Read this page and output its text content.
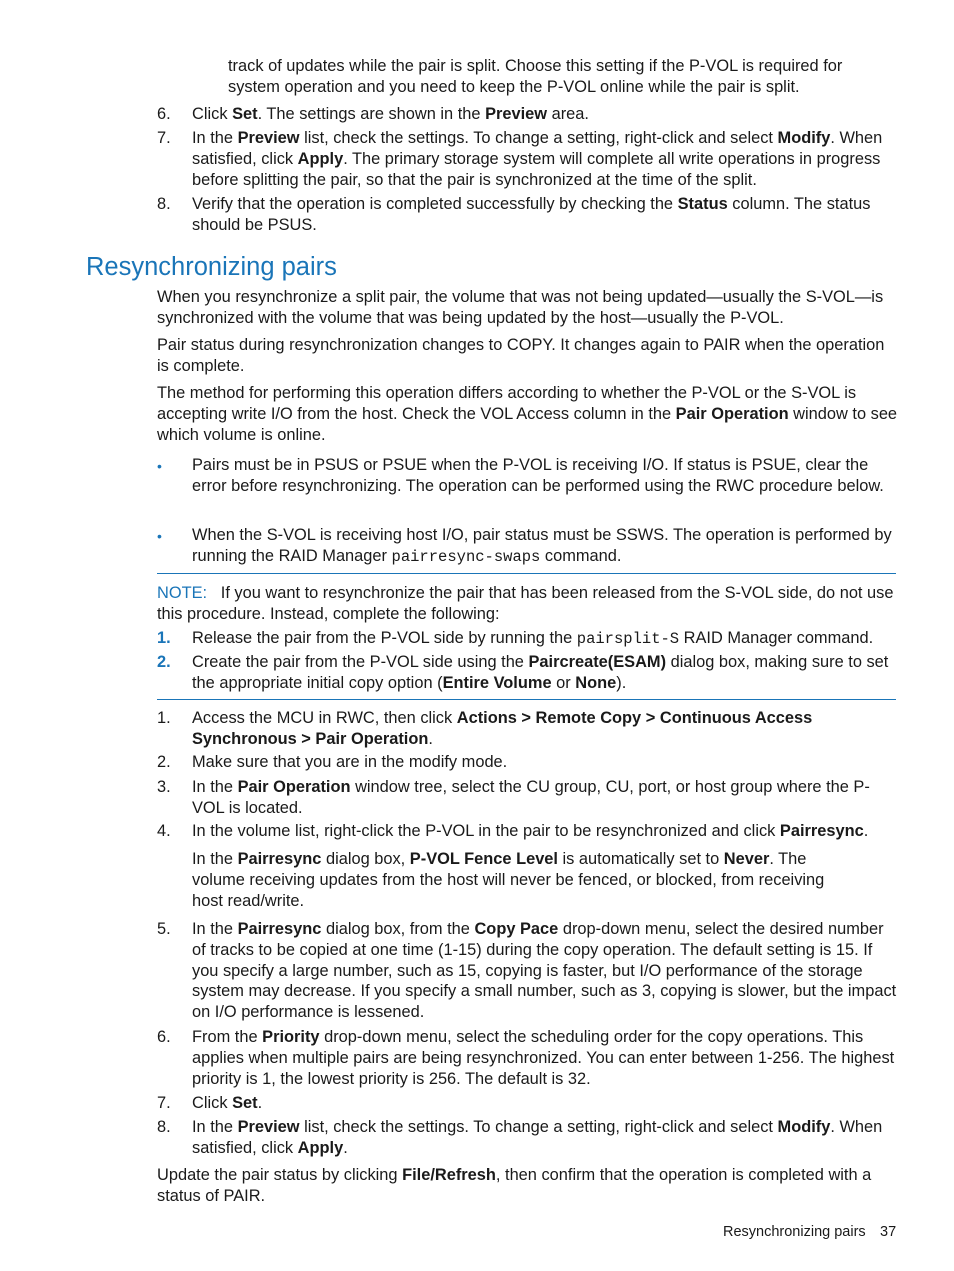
track of updates while the pair is split. Choose this setting if the P-VOL is required for system operation and you need to keep the P-VOL online while the pair is split.
6. Click Set. The settings are shown in the Preview area.
7. In the Preview list, check the settings. To change a setting, right-click and select Modify. When satisfied, click Apply. The primary storage system will complete all write operations in progress before splitting the pair, so that the pair is synchronized at the time of the split.
8. Verify that the operation is completed successfully by checking the Status column. The status should be PSUS.
Resynchronizing pairs
When you resynchronize a split pair, the volume that was not being updated—usually the S-VOL—is synchronized with the volume that was being updated by the host—usually the P-VOL.
Pair status during resynchronization changes to COPY. It changes again to PAIR when the operation is complete.
The method for performing this operation differs according to whether the P-VOL or the S-VOL is accepting write I/O from the host. Check the VOL Access column in the Pair Operation window to see which volume is online.
• Pairs must be in PSUS or PSUE when the P-VOL is receiving I/O. If status is PSUE, clear the error before resynchronizing. The operation can be performed using the RWC procedure below.
• When the S-VOL is receiving host I/O, pair status must be SSWS. The operation is performed by running the RAID Manager pairresync-swaps command.
NOTE: If you want to resynchronize the pair that has been released from the S-VOL side, do not use this procedure. Instead, complete the following:
1. Release the pair from the P-VOL side by running the pairsplit-S RAID Manager command.
2. Create the pair from the P-VOL side using the Paircreate(ESAM) dialog box, making sure to set the appropriate initial copy option (Entire Volume or None).
1. Access the MCU in RWC, then click Actions > Remote Copy > Continuous Access Synchronous > Pair Operation.
2. Make sure that you are in the modify mode.
3. In the Pair Operation window tree, select the CU group, CU, port, or host group where the P-VOL is located.
4. In the volume list, right-click the P-VOL in the pair to be resynchronized and click Pairresync.
In the Pairresync dialog box, P-VOL Fence Level is automatically set to Never. The volume receiving updates from the host will never be fenced, or blocked, from receiving host read/write.
5. In the Pairresync dialog box, from the Copy Pace drop-down menu, select the desired number of tracks to be copied at one time (1-15) during the copy operation. The default setting is 15. If you specify a large number, such as 15, copying is faster, but I/O performance of the storage system may decrease. If you specify a small number, such as 3, copying is slower, but the impact on I/O performance is lessened.
6. From the Priority drop-down menu, select the scheduling order for the copy operations. This applies when multiple pairs are being resynchronized. You can enter between 1-256. The highest priority is 1, the lowest priority is 256. The default is 32.
7. Click Set.
8. In the Preview list, check the settings. To change a setting, right-click and select Modify. When satisfied, click Apply.
Update the pair status by clicking File/Refresh, then confirm that the operation is completed with a status of PAIR.
Resynchronizing pairs 37
